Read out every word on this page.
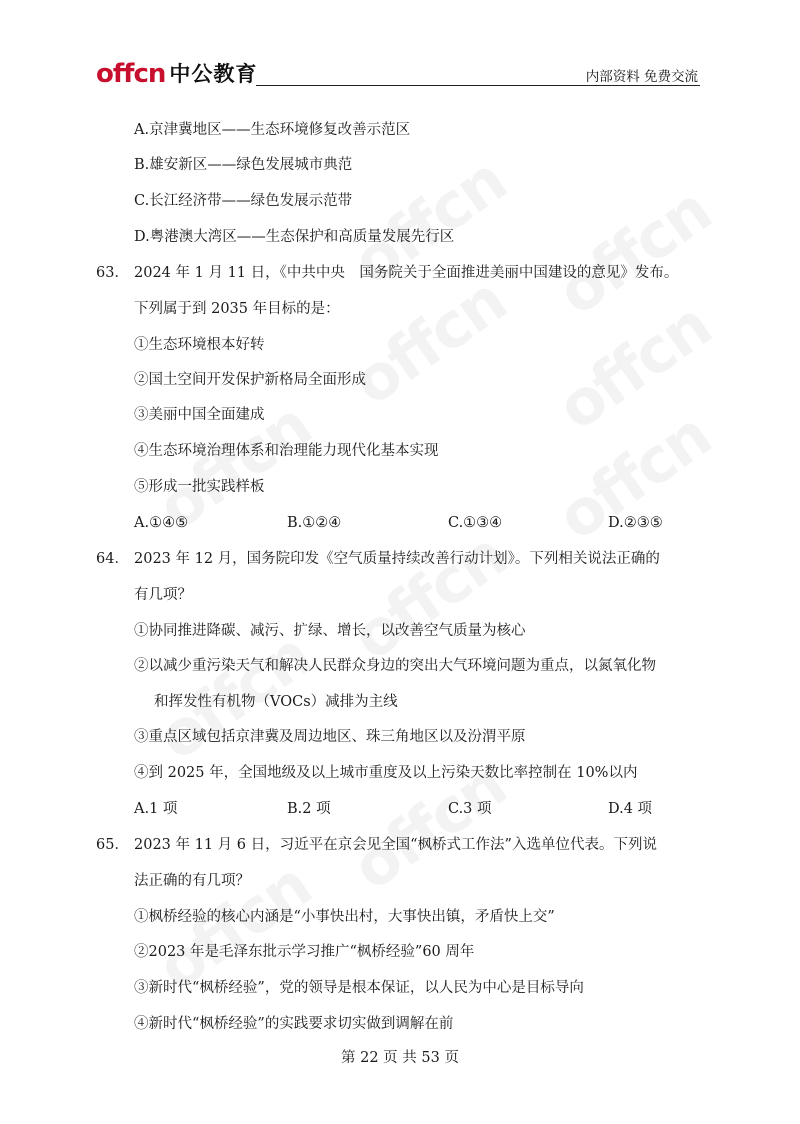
offcn 中公教育	内部资料 免费交流
A.京津冀地区——生态环境修复改善示范区
B.雄安新区——绿色发展城市典范
C.长江经济带——绿色发展示范带
D.粤港澳大湾区——生态保护和高质量发展先行区
63． 2024 年 1 月 11 日，《中共中央　国务院关于全面推进美丽中国建设的意见》发布。
下列属于到 2035 年目标的是：
①生态环境根本好转
②国土空间开发保护新格局全面形成
③美丽中国全面建成
④生态环境治理体系和治理能力现代化基本实现
⑤形成一批实践样板
A.①④⑤	B.①②④	C.①③④	D.②③⑤
64． 2023 年 12 月，国务院印发《空气质量持续改善行动计划》。下列相关说法正确的
有几项？
①协同推进降碳、减污、扩绿、增长，以改善空气质量为核心
②以减少重污染天气和解决人民群众身边的突出大气环境问题为重点，以氮氧化物
和挥发性有机物（VOCs）减排为主线
③重点区域包括京津冀及周边地区、珠三角地区以及汾渭平原
④到 2025 年，全国地级及以上城市重度及以上污染天数比率控制在 10%以内
A.1 项	B.2 项	C.3 项	D.4 项
65． 2023 年 11 月 6 日，习近平在京会见全国“枫桥式工作法”入选单位代表。下列说
法正确的有几项？
①枫桥经验的核心内涵是“小事快出村，大事快出镇，矛盾快上交”
②2023 年是毛泽东批示学习推广“枫桥经验”60 周年
③新时代“枫桥经验”，党的领导是根本保证，以人民为中心是目标导向
④新时代“枫桥经验”的实践要求切实做到调解在前
第 22 页 共 53 页
